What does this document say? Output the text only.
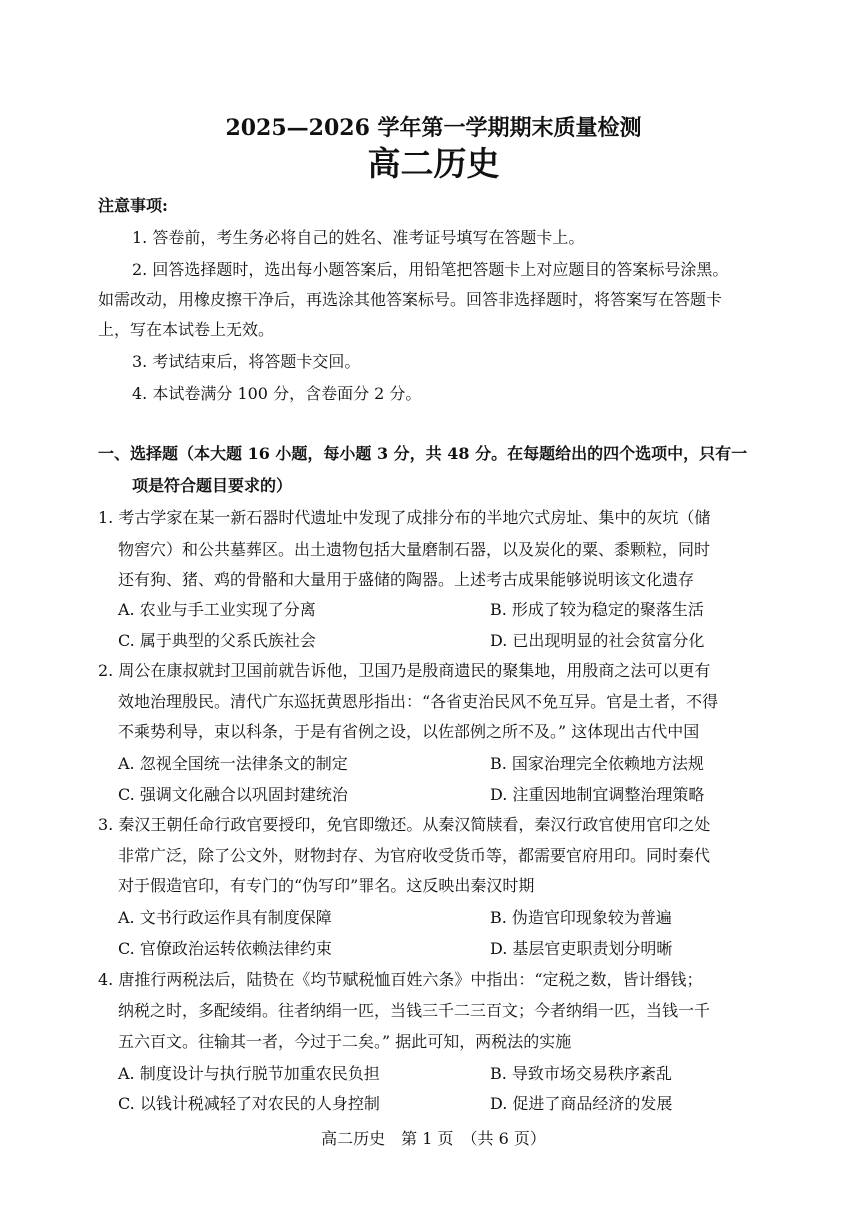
2025—2026 学年第一学期期末质量检测
高二历史
注意事项:
1. 答卷前，考生务必将自己的姓名、准考证号填写在答题卡上。
2. 回答选择题时，选出每小题答案后，用铅笔把答题卡上对应题目的答案标号涂黑。
如需改动，用橡皮擦干净后，再选涂其他答案标号。回答非选择题时，将答案写在答题卡
上，写在本试卷上无效。
3. 考试结束后，将答题卡交回。
4. 本试卷满分 100 分，含卷面分 2 分。
一、选择题（本大题 16 小题，每小题 3 分，共 48 分。在每题给出的四个选项中，只有一
项是符合题目要求的）
1. 考古学家在某一新石器时代遗址中发现了成排分布的半地穴式房址、集中的灰坑（储
物窖穴）和公共墓葬区。出土遗物包括大量磨制石器，以及炭化的粟、黍颗粒，同时
还有狗、猪、鸡的骨骼和大量用于盛储的陶器。上述考古成果能够说明该文化遗存
A. 农业与手工业实现了分离	B. 形成了较为稳定的聚落生活
C. 属于典型的父系氏族社会	D. 已出现明显的社会贫富分化
2. 周公在康叔就封卫国前就告诉他，卫国乃是殷商遗民的聚集地，用殷商之法可以更有
效地治理殷民。清代广东巡抚黄恩彤指出：“各省吏治民风不免互异。官是土者，不得
不乘势利导，束以科条，于是有省例之设，以佐部例之所不及。” 这体现出古代中国
A. 忽视全国统一法律条文的制定	B. 国家治理完全依赖地方法规
C. 强调文化融合以巩固封建统治	D. 注重因地制宜调整治理策略
3. 秦汉王朝任命行政官要授印，免官即缴还。从秦汉简牍看，秦汉行政官使用官印之处
非常广泛，除了公文外，财物封存、为官府收受货币等，都需要官府用印。同时秦代
对于假造官印，有专门的“伪写印”罪名。这反映出秦汉时期
A. 文书行政运作具有制度保障	B. 伪造官印现象较为普遍
C. 官僚政治运转依赖法律约束	D. 基层官吏职责划分明晰
4. 唐推行两税法后，陆贽在《均节赋税恤百姓六条》中指出：“定税之数，皆计缗钱；
纳税之时，多配绫绢。往者纳绢一匹，当钱三千二三百文；今者纳绢一匹，当钱一千
五六百文。往输其一者，今过于二矣。” 据此可知，两税法的实施
A. 制度设计与执行脱节加重农民负担	B. 导致市场交易秩序紊乱
C. 以钱计税减轻了对农民的人身控制	D. 促进了商品经济的发展
高二历史　第 1 页　（共 6 页）
